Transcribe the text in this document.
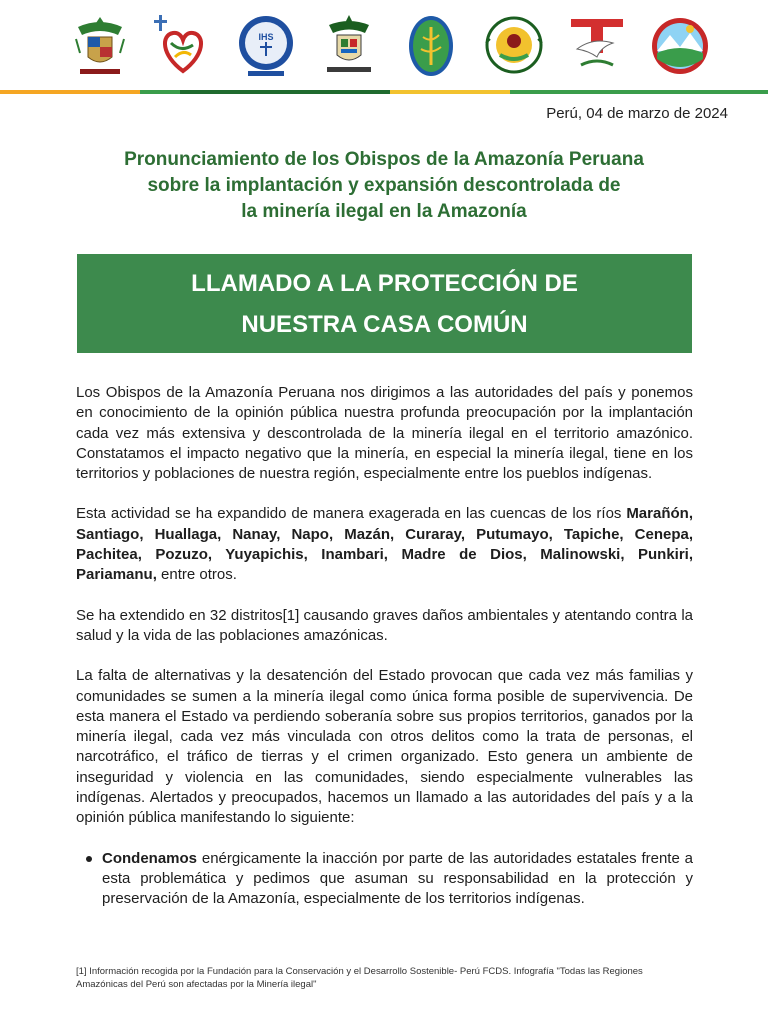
IHS
Perú, 04 de marzo de 2024
Pronunciamiento de los Obispos de la Amazonía Peruana
sobre la implantación y expansión descontrolada de
la minería ilegal en la Amazonía
LLAMADO A LA PROTECCIÓN DE
NUESTRA CASA COMÚN

Los Obispos de la Amazonía Peruana nos dirigimos a las autoridades del país y ponemos en conocimiento de la opinión pública nuestra profunda preocupación por la implantación cada vez más extensiva y descontrolada de la minería ilegal en el territorio amazónico. Constatamos el impacto negativo que la minería, en especial la minería ilegal, tiene en los territorios y poblaciones de nuestra región, especialmente entre los pueblos indígenas.

Esta actividad se ha expandido de manera exagerada en las cuencas de los ríos Marañón, Santiago, Huallaga, Nanay, Napo, Mazán, Curaray, Putumayo, Tapiche, Cenepa, Pachitea, Pozuzo, Yuyapichis, Inambari, Madre de Dios, Malinowski, Punkiri, Pariamanu, entre otros.

Se ha extendido en 32 distritos[1] causando graves daños ambientales y atentando contra la salud y la vida de las poblaciones amazónicas.

La falta de alternativas y la desatención del Estado provocan que cada vez más familias y comunidades se sumen a la minería ilegal como única forma posible de supervivencia. De esta manera el Estado va perdiendo soberanía sobre sus propios territorios, ganados por la minería ilegal, cada vez más vinculada con otros delitos como la trata de personas, el narcotráfico, el tráfico de tierras y el crimen organizado. Esto genera un ambiente de inseguridad y violencia en las comunidades, siendo especialmente vulnerables las indígenas. Alertados y preocupados, hacemos un llamado a las autoridades del país y a la opinión pública manifestando lo siguiente:

Condenamos enérgicamente la inacción por parte de las autoridades estatales frente a esta problemática y pedimos que asuman su responsabilidad en la protección y preservación de la Amazonía, especialmente de los territorios indígenas.
[1] Información recogida por la Fundación para la Conservación y el Desarrollo Sostenible- Perú FCDS. Infografía "Todas las Regiones Amazónicas del Perú son afectadas por la Minería ilegal"
